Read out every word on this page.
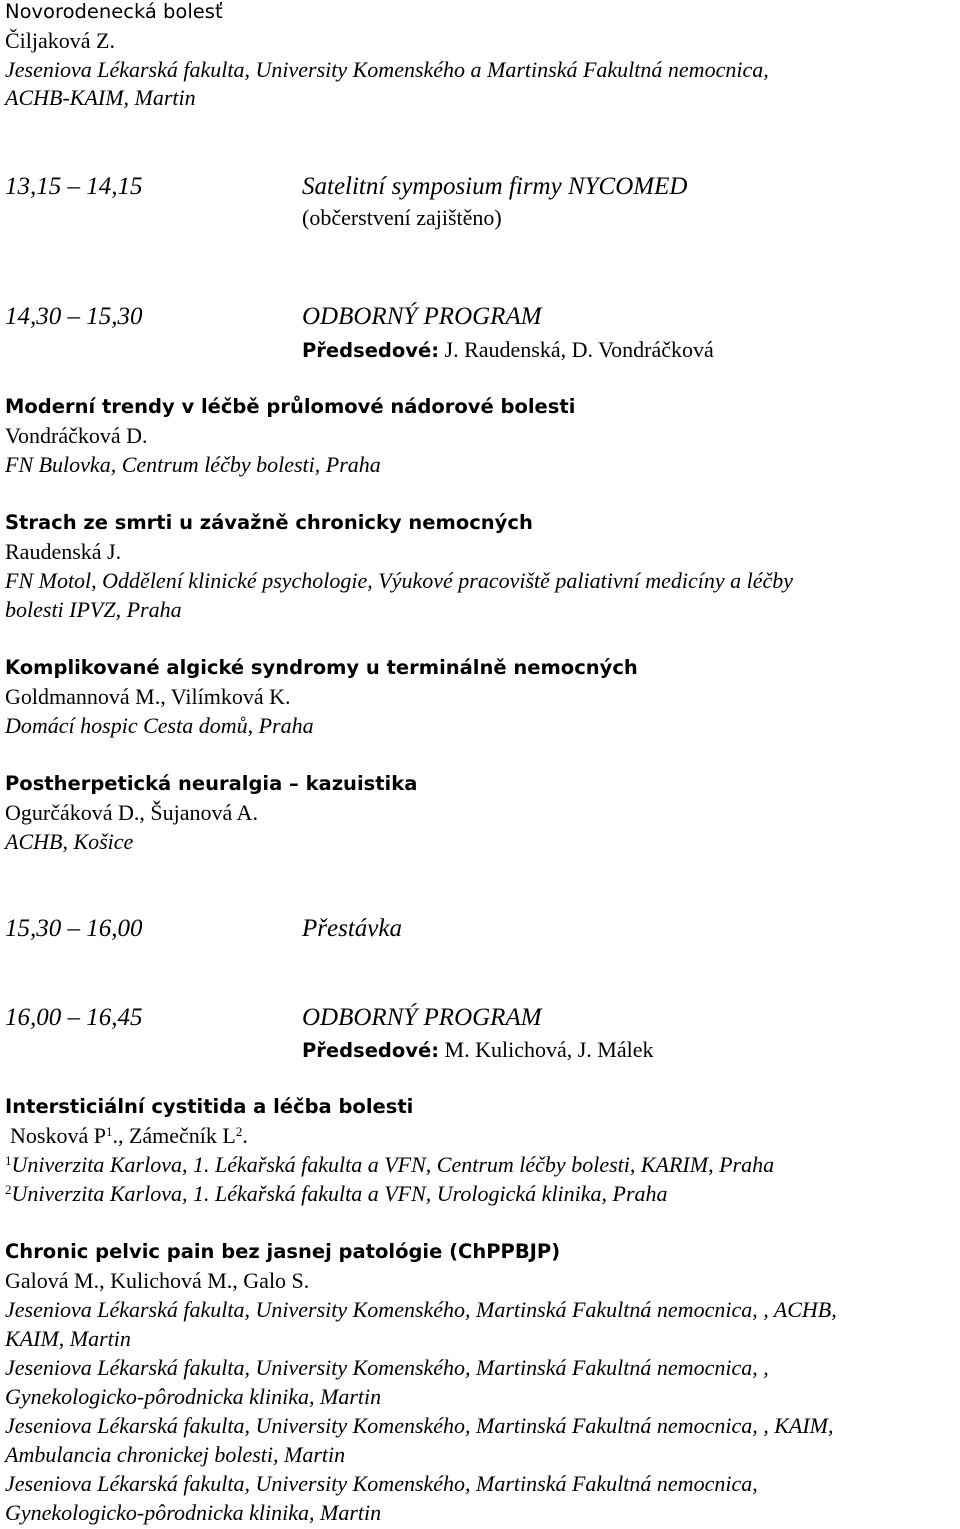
Novorodenecká bolesť
Čiljaková Z.
Jeseniova Lékarská fakulta, University Komenského a Martinská Fakultná nemocnica,
ACHB-KAIM, Martin
13,15 – 14,15	Satelitní symposium firmy NYCOMED
(občerstvení zajištěno)
14,30 – 15,30	ODBORNÝ PROGRAM
Předsedové: J. Raudenská, D. Vondráčková
Moderní trendy v léčbě průlomové nádorové bolesti
Vondráčková D.
FN Bulovka, Centrum léčby bolesti, Praha
Strach ze smrti u závažně chronicky nemocných
Raudenská J.
FN Motol, Oddělení klinické psychologie, Výukové pracoviště paliativní medicíny a léčby
bolesti IPVZ, Praha
Komplikované algické syndromy u terminálně nemocných
Goldmannová M., Vilímková K.
Domácí hospic Cesta domů, Praha
Postherpetická neuralgia – kazuistika
Ogurčáková D., Šujanová A.
ACHB, Košice
15,30 – 16,00	Přestávka
16,00 – 16,45	ODBORNÝ PROGRAM
Předsedové: M. Kulichová, J. Málek
Intersticiální cystitida a léčba bolesti
Nosková $P^1$., Zámečník $L^2$.
$^1$Univerzita Karlova, 1. Lékařská fakulta a VFN, Centrum léčby bolesti, KARIM, Praha
$^2$Univerzita Karlova, 1. Lékařská fakulta a VFN, Urologická klinika, Praha
Chronic pelvic pain bez jasnej patológie (ChPPBJP)
Galová M., Kulichová M., Galo S.
Jeseniova Lékarská fakulta, University Komenského, Martinská Fakultná nemocnica, , ACHB,
KAIM, Martin
Jeseniova Lékarská fakulta, University Komenského, Martinská Fakultná nemocnica, ,
Gynekologicko-pôrodnicka klinika, Martin
Jeseniova Lékarská fakulta, University Komenského, Martinská Fakultná nemocnica, , KAIM,
Ambulancia chronickej bolesti, Martin
Jeseniova Lékarská fakulta, University Komenského, Martinská Fakultná nemocnica,
Gynekologicko-pôrodnicka klinika, Martin
